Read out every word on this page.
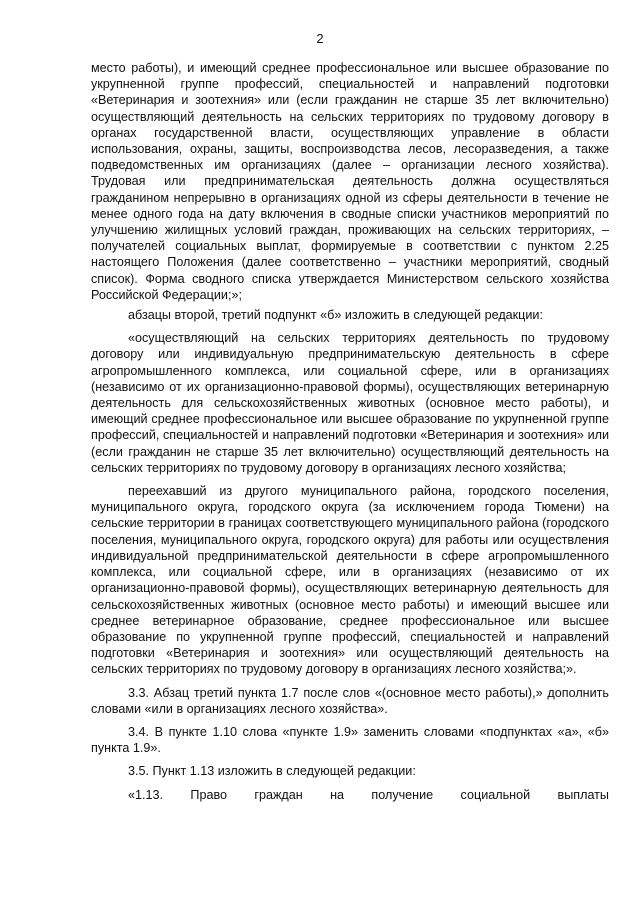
2

место работы), и имеющий среднее профессиональное или высшее образование по укрупненной группе профессий, специальностей и направлений подготовки «Ветеринария и зоотехния» или (если гражданин не старше 35 лет включительно) осуществляющий деятельность на сельских территориях по трудовому договору в органах государственной власти, осуществляющих управление в области использования, охраны, защиты, воспроизводства лесов, лесоразведения, а также подведомственных им организациях (далее – организации лесного хозяйства). Трудовая или предпринимательская деятельность должна осуществляться гражданином непрерывно в организациях одной из сферы деятельности в течение не менее одного года на дату включения в сводные списки участников мероприятий по улучшению жилищных условий граждан, проживающих на сельских территориях, – получателей социальных выплат, формируемые в соответствии с пунктом 2.25 настоящего Положения (далее соответственно – участники мероприятий, сводный список). Форма сводного списка утверждается Министерством сельского хозяйства Российской Федерации;»;

абзацы второй, третий подпункт «б» изложить в следующей редакции:

«осуществляющий на сельских территориях деятельность по трудовому договору или индивидуальную предпринимательскую деятельность в сфере агропромышленного комплекса, или социальной сфере, или в организациях (независимо от их организационно-правовой формы), осуществляющих ветеринарную деятельность для сельскохозяйственных животных (основное место работы), и имеющий среднее профессиональное или высшее образование по укрупненной группе профессий, специальностей и направлений подготовки «Ветеринария и зоотехния» или (если гражданин не старше 35 лет включительно) осуществляющий деятельность на сельских территориях по трудовому договору в организациях лесного хозяйства;

переехавший из другого муниципального района, городского поселения, муниципального округа, городского округа (за исключением города Тюмени) на сельские территории в границах соответствующего муниципального района (городского поселения, муниципального округа, городского округа) для работы или осуществления индивидуальной предпринимательской деятельности в сфере агропромышленного комплекса, или социальной сфере, или в организациях (независимо от их организационно-правовой формы), осуществляющих ветеринарную деятельность для сельскохозяйственных животных (основное место работы) и имеющий высшее или среднее ветеринарное образование, среднее профессиональное или высшее образование по укрупненной группе профессий, специальностей и направлений подготовки «Ветеринария и зоотехния» или осуществляющий деятельность на сельских территориях по трудовому договору в организациях лесного хозяйства;».

3.3. Абзац третий пункта 1.7 после слов «(основное место работы),» дополнить словами «или в организациях лесного хозяйства».

3.4. В пункте 1.10 слова «пункте 1.9» заменить словами «подпунктах «а», «б» пункта 1.9».

3.5. Пункт 1.13 изложить в следующей редакции:

«1.13. Право граждан на получение социальной выплаты
